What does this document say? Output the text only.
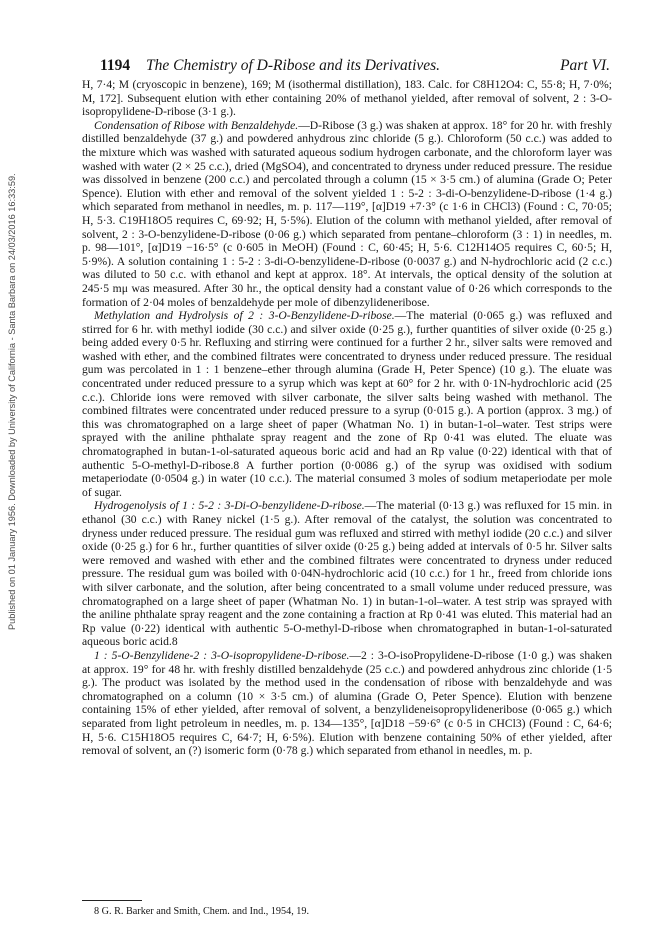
Published on 01 January 1956. Downloaded by University of California - Santa Barbara on 24/03/2016 16:33:59.
1194 The Chemistry of D-Ribose and its Derivatives.	Part VI.

H, 7·4; M (cryoscopic in benzene), 169; M (isothermal distillation), 183. Calc. for C8H12O4: C, 55·8; H, 7·0%; M, 172]. Subsequent elution with ether containing 20% of methanol yielded, after removal of solvent, 2 : 3-O-isopropylidene-D-ribose (3·1 g.).

Condensation of Ribose with Benzaldehyde.—D-Ribose (3 g.) was shaken at approx. 18° for 20 hr. with freshly distilled benzaldehyde (37 g.) and powdered anhydrous zinc chloride (5 g.). Chloroform (50 c.c.) was added to the mixture which was washed with saturated aqueous sodium hydrogen carbonate, and the chloroform layer was washed with water (2 × 25 c.c.), dried (MgSO4), and concentrated to dryness under reduced pressure. The residue was dissolved in benzene (200 c.c.) and percolated through a column (15 × 3·5 cm.) of alumina (Grade O; Peter Spence). Elution with ether and removal of the solvent yielded 1 : 5-2 : 3-di-O-benzylidene-D-ribose (1·4 g.) which separated from methanol in needles, m. p. 117—119°, [α]D19 +7·3° (c 1·6 in CHCl3) (Found : C, 70·05; H, 5·3. C19H18O5 requires C, 69·92; H, 5·5%). Elution of the column with methanol yielded, after removal of solvent, 2 : 3-O-benzylidene-D-ribose (0·06 g.) which separated from pentane–chloroform (3 : 1) in needles, m. p. 98—101°, [α]D19 −16·5° (c 0·605 in MeOH) (Found : C, 60·45; H, 5·6. C12H14O5 requires C, 60·5; H, 5·9%). A solution containing 1 : 5-2 : 3-di-O-benzylidene-D-ribose (0·0037 g.) and N-hydrochloric acid (2 c.c.) was diluted to 50 c.c. with ethanol and kept at approx. 18°. At intervals, the optical density of the solution at 245·5 mμ was measured. After 30 hr., the optical density had a constant value of 0·26 which corresponds to the formation of 2·04 moles of benzaldehyde per mole of dibenzylideneribose.

Methylation and Hydrolysis of 2 : 3-O-Benzylidene-D-ribose.—The material (0·065 g.) was refluxed and stirred for 6 hr. with methyl iodide (30 c.c.) and silver oxide (0·25 g.), further quantities of silver oxide (0·25 g.) being added every 0·5 hr. Refluxing and stirring were continued for a further 2 hr., silver salts were removed and washed with ether, and the combined filtrates were concentrated to dryness under reduced pressure. The residual gum was percolated in 1 : 1 benzene–ether through alumina (Grade H, Peter Spence) (10 g.). The eluate was concentrated under reduced pressure to a syrup which was kept at 60° for 2 hr. with 0·1N-hydrochloric acid (25 c.c.). Chloride ions were removed with silver carbonate, the silver salts being washed with methanol. The combined filtrates were concentrated under reduced pressure to a syrup (0·015 g.). A portion (approx. 3 mg.) of this was chromatographed on a large sheet of paper (Whatman No. 1) in butan-1-ol–water. Test strips were sprayed with the aniline phthalate spray reagent and the zone of Rp 0·41 was eluted. The eluate was chromatographed in butan-1-ol-saturated aqueous boric acid and had an Rp value (0·22) identical with that of authentic 5-O-methyl-D-ribose.8 A further portion (0·0086 g.) of the syrup was oxidised with sodium metaperiodate (0·0504 g.) in water (10 c.c.). The material consumed 3 moles of sodium metaperiodate per mole of sugar.

Hydrogenolysis of 1 : 5-2 : 3-Di-O-benzylidene-D-ribose.—The material (0·13 g.) was refluxed for 15 min. in ethanol (30 c.c.) with Raney nickel (1·5 g.). After removal of the catalyst, the solution was concentrated to dryness under reduced pressure. The residual gum was refluxed and stirred with methyl iodide (20 c.c.) and silver oxide (0·25 g.) for 6 hr., further quantities of silver oxide (0·25 g.) being added at intervals of 0·5 hr. Silver salts were removed and washed with ether and the combined filtrates were concentrated to dryness under reduced pressure. The residual gum was boiled with 0·04N-hydrochloric acid (10 c.c.) for 1 hr., freed from chloride ions with silver carbonate, and the solution, after being concentrated to a small volume under reduced pressure, was chromatographed on a large sheet of paper (Whatman No. 1) in butan-1-ol–water. A test strip was sprayed with the aniline phthalate spray reagent and the zone containing a fraction at Rp 0·41 was eluted. This material had an Rp value (0·22) identical with authentic 5-O-methyl-D-ribose when chromatographed in butan-1-ol-saturated aqueous boric acid.8

1 : 5-O-Benzylidene-2 : 3-O-isopropylidene-D-ribose.—2 : 3-O-isoPropylidene-D-ribose (1·0 g.) was shaken at approx. 19° for 48 hr. with freshly distilled benzaldehyde (25 c.c.) and powdered anhydrous zinc chloride (1·5 g.). The product was isolated by the method used in the condensation of ribose with benzaldehyde and was chromatographed on a column (10 × 3·5 cm.) of alumina (Grade O, Peter Spence). Elution with benzene containing 15% of ether yielded, after removal of solvent, a benzylideneisopropylideneribose (0·065 g.) which separated from light petroleum in needles, m. p. 134—135°, [α]D18 −59·6° (c 0·5 in CHCl3) (Found : C, 64·6; H, 5·6. C15H18O5 requires C, 64·7; H, 6·5%). Elution with benzene containing 50% of ether yielded, after removal of solvent, an (?) isomeric form (0·78 g.) which separated from ethanol in needles, m. p.

8 G. R. Barker and Smith, Chem. and Ind., 1954, 19.
